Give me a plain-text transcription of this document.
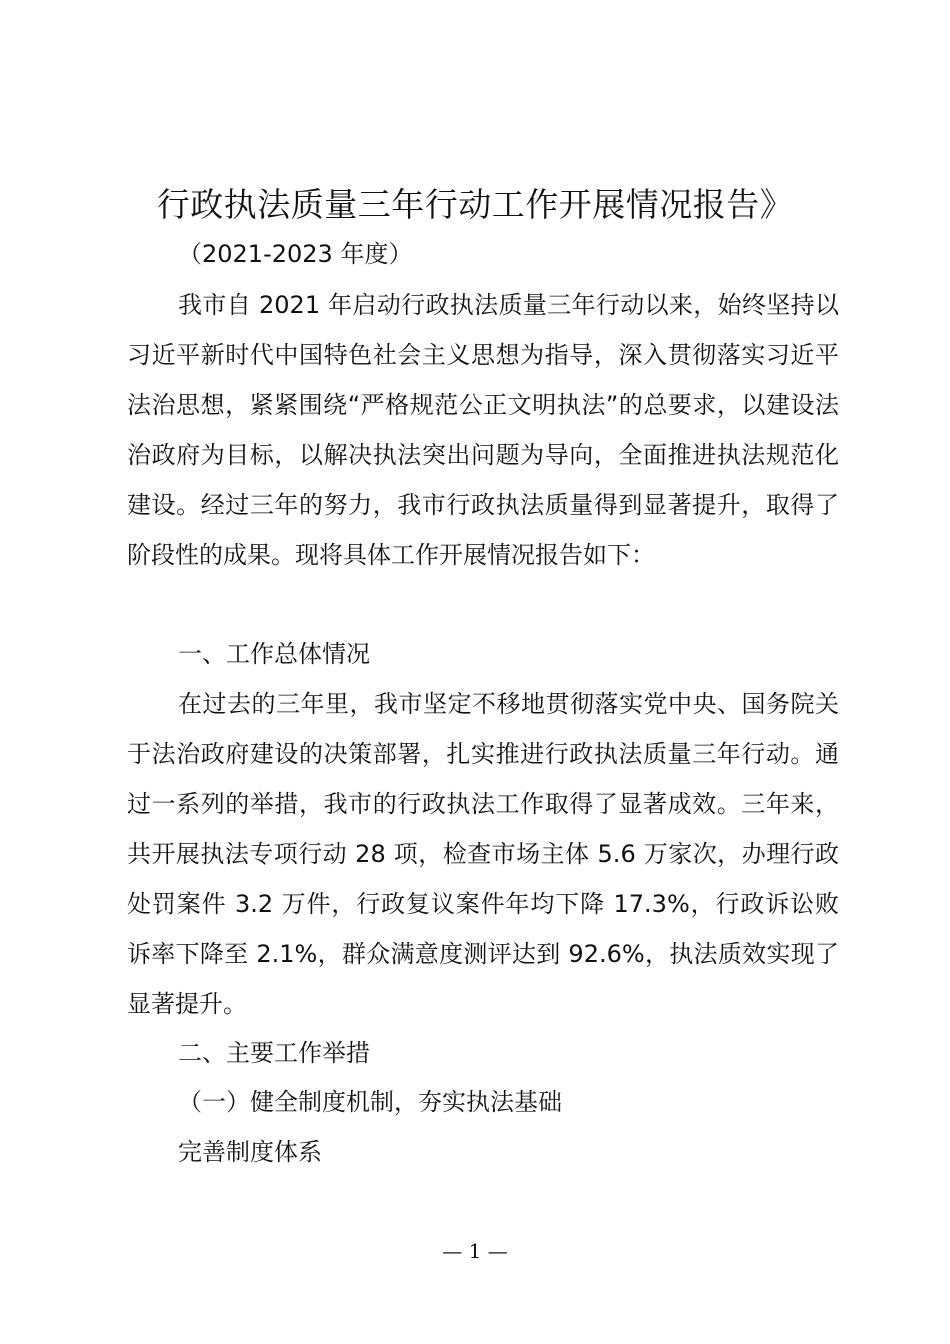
行政执法质量三年行动工作开展情况报告》
（2021-2023 年度）

我市自 2021 年启动行政执法质量三年行动以来，始终坚持以习近平新时代中国特色社会主义思想为指导，深入贯彻落实习近平法治思想，紧紧围绕“严格规范公正文明执法”的总要求，以建设法治政府为目标，以解决执法突出问题为导向，全面推进执法规范化建设。经过三年的努力，我市行政执法质量得到显著提升，取得了阶段性的成果。现将具体工作开展情况报告如下：

一、工作总体情况

在过去的三年里，我市坚定不移地贯彻落实党中央、国务院关于法治政府建设的决策部署，扎实推进行政执法质量三年行动。通过一系列的举措，我市的行政执法工作取得了显著成效。三年来，共开展执法专项行动 28 项，检查市场主体 5.6 万家次，办理行政处罚案件 3.2 万件，行政复议案件年均下降 17.3%，行政诉讼败诉率下降至 2.1%，群众满意度测评达到 92.6%，执法质效实现了显著提升。

二、主要工作举措
（一）健全制度机制，夯实执法基础
完善制度体系
— 1 —
